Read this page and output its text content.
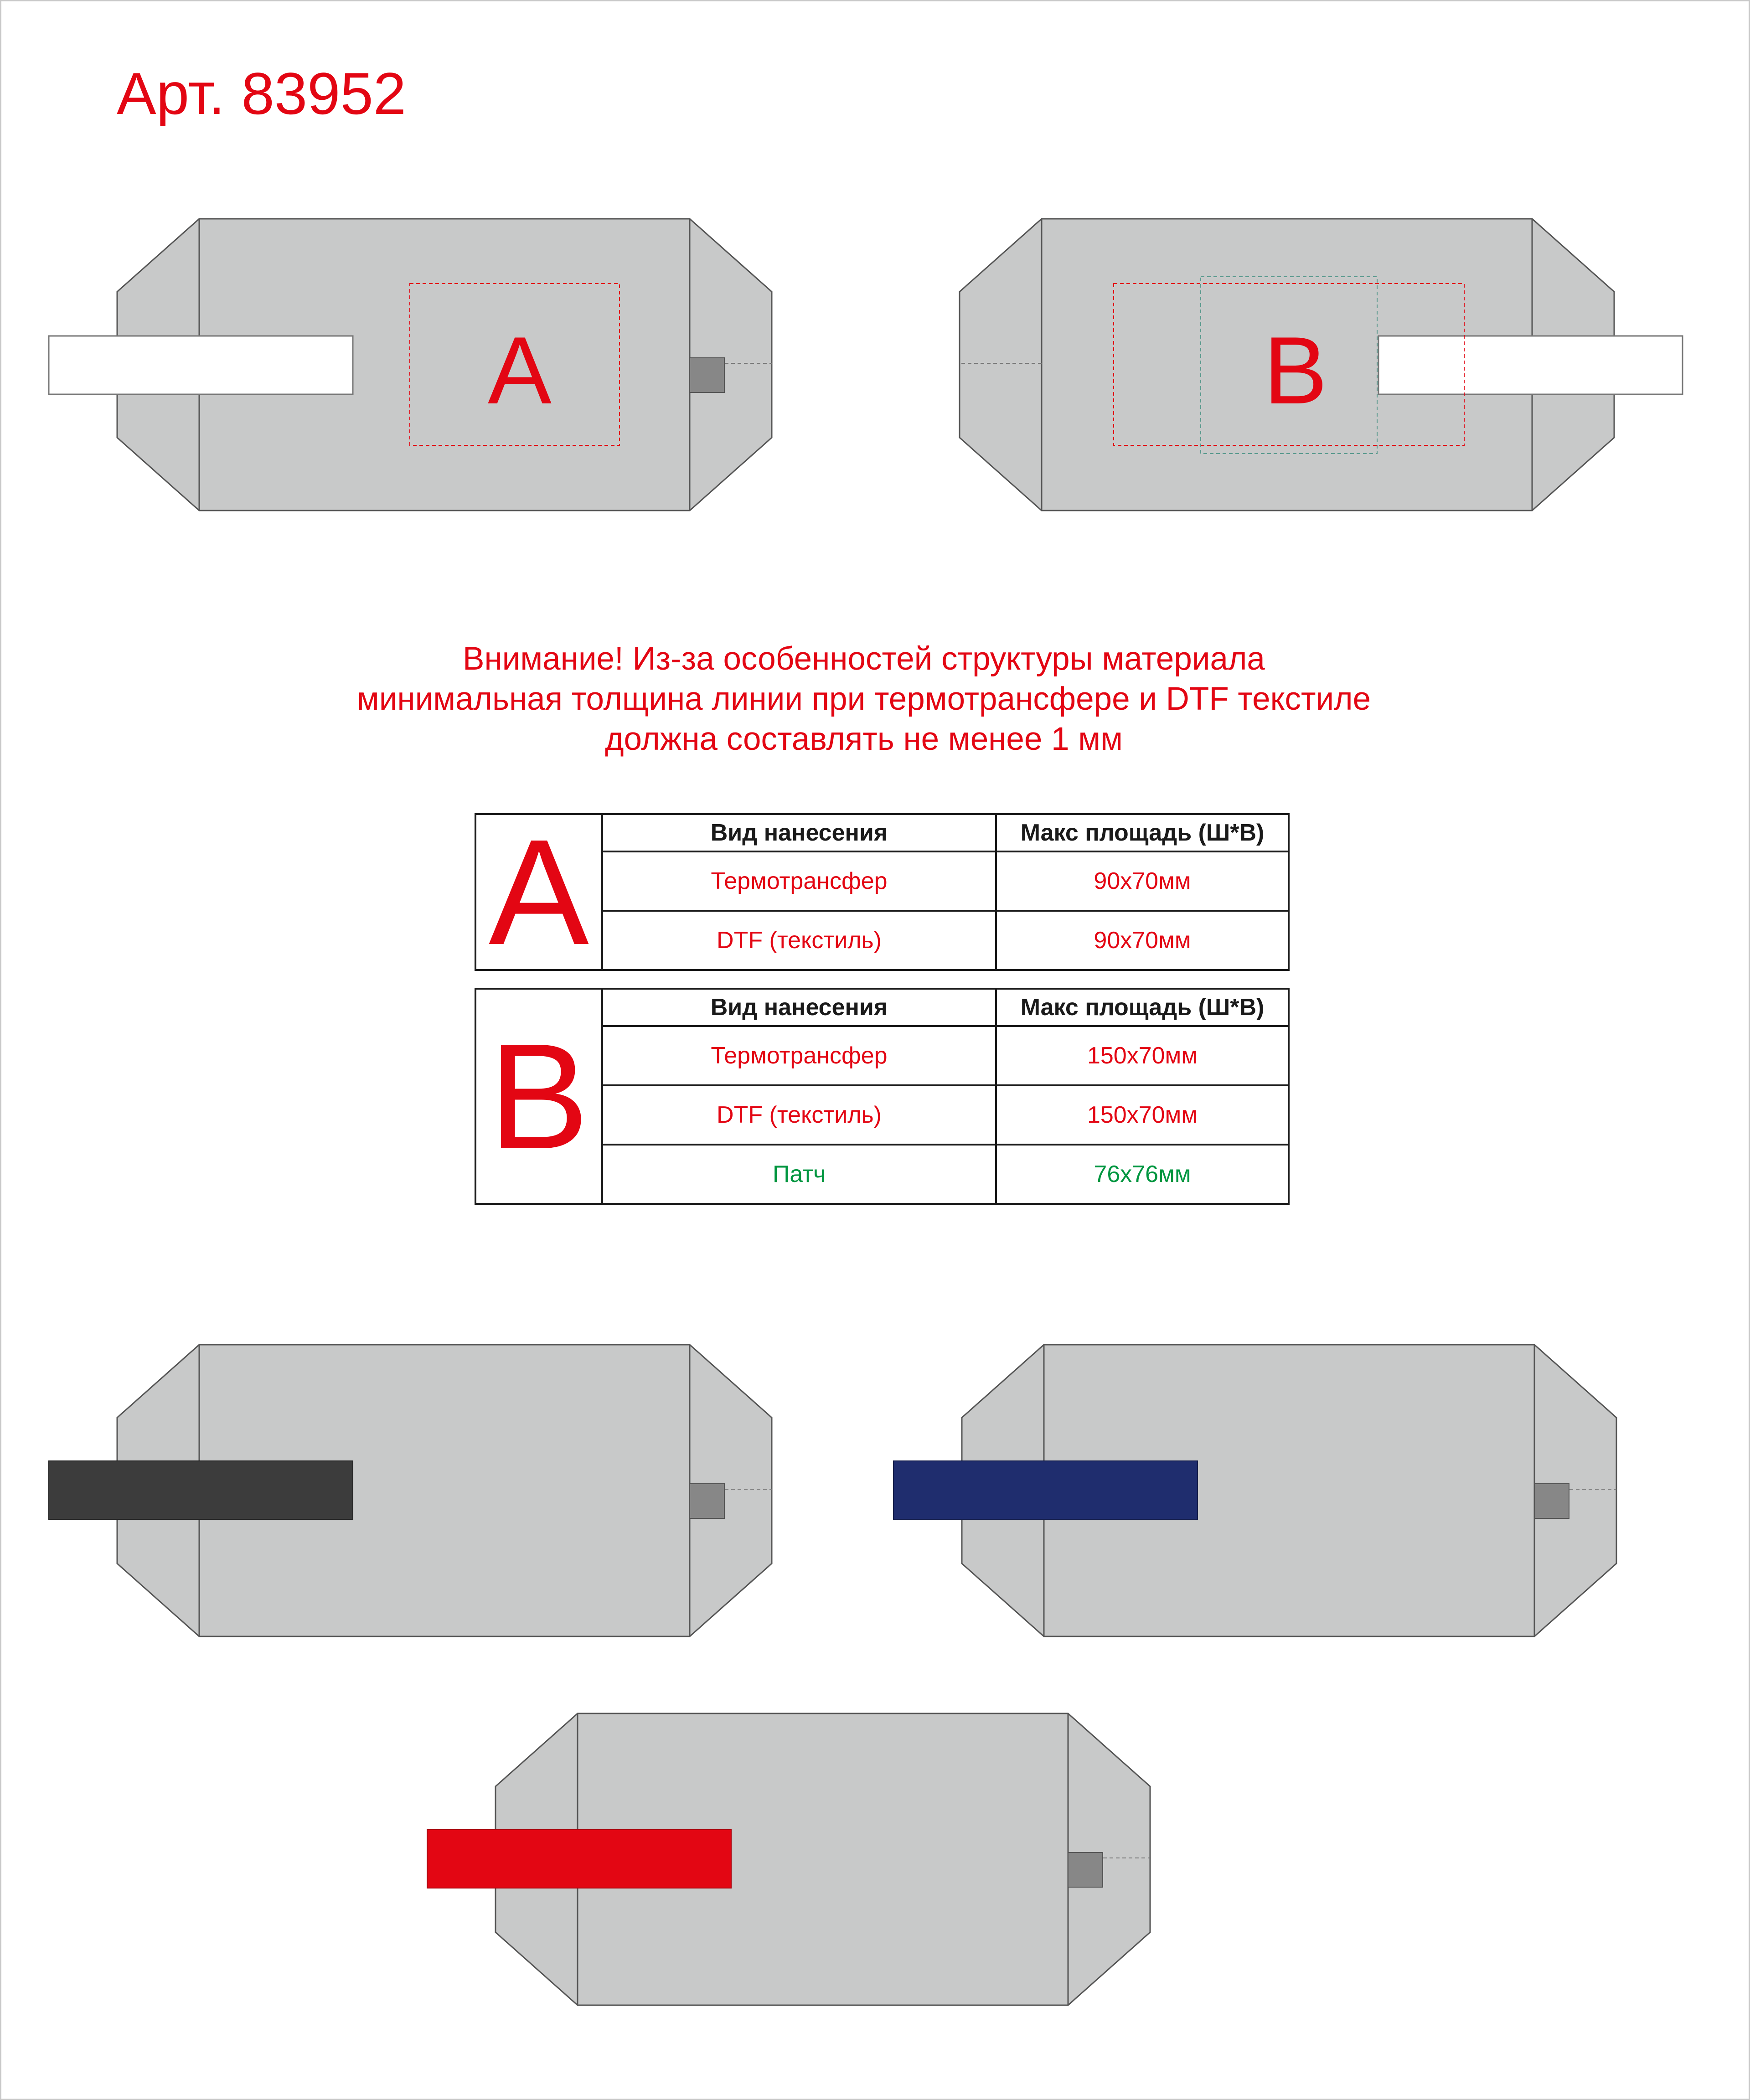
Арт. 83952
A	B
Внимание! Из-за особенностей структуры материала
минимальная толщина линии при термотрансфере и DTF текстиле
должна составлять не менее 1 мм
A	Вид нанесения	Макс площадь (Ш*В)
	Термотрансфер	90х70мм
	DTF (текстиль)	90х70мм
B	Вид нанесения	Макс площадь (Ш*В)
	Термотрансфер	150х70мм
	DTF (текстиль)	150х70мм
	Патч	76х76мм
